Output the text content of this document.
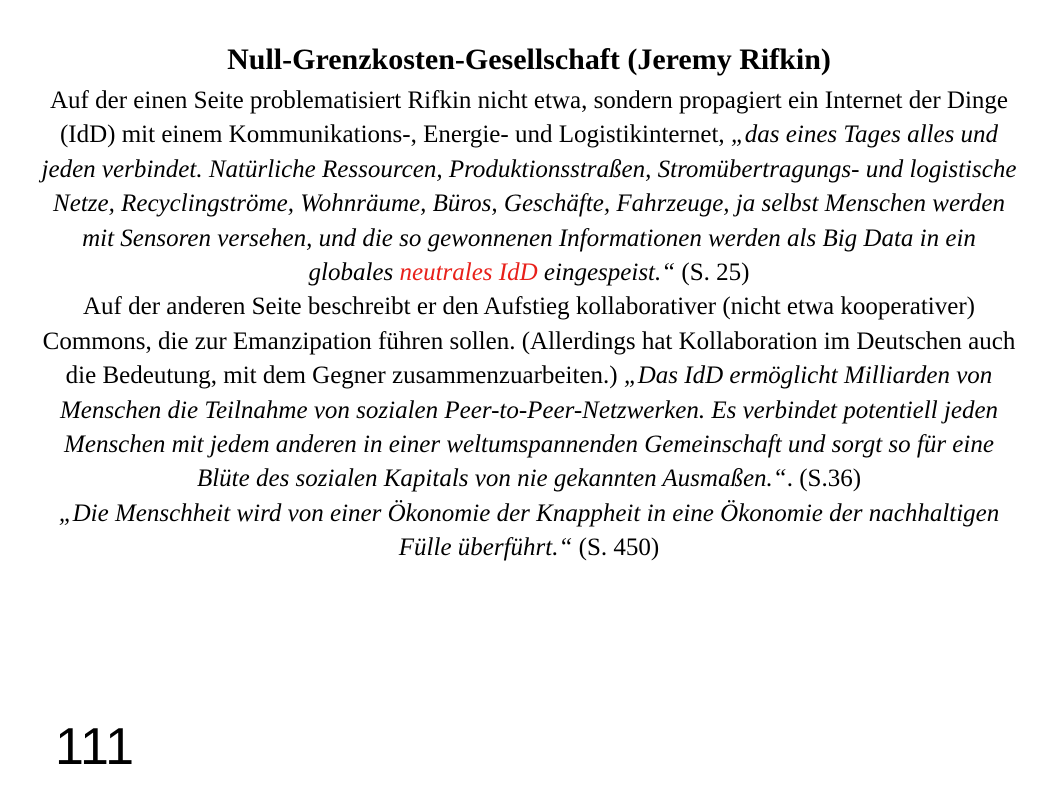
Null-Grenzkosten-Gesellschaft (Jeremy Rifkin)

Auf der einen Seite problematisiert Rifkin nicht etwa, sondern propagiert ein Internet der Dinge (IdD) mit einem Kommunikations-, Energie- und Logistikinternet, „das eines Tages alles und jeden verbindet. Natürliche Ressourcen, Produktionsstraßen, Stromübertragungs- und logistische Netze, Recyclingströme, Wohnräume, Büros, Geschäfte, Fahrzeuge, ja selbst Menschen werden mit Sensoren versehen, und die so gewonnenen Informationen werden als Big Data in ein globales neutrales IdD eingespeist.“ (S. 25)

Auf der anderen Seite beschreibt er den Aufstieg kollaborativer (nicht etwa kooperativer) Commons, die zur Emanzipation führen sollen. (Allerdings hat Kollaboration im Deutschen auch die Bedeutung, mit dem Gegner zusammenzuarbeiten.) „Das IdD ermöglicht Milliarden von Menschen die Teilnahme von sozialen Peer-to-Peer-Netzwerken. Es verbindet potentiell jeden Menschen mit jedem anderen in einer weltumspannenden Gemeinschaft und sorgt so für eine Blüte des sozialen Kapitals von nie gekannten Ausmaßen.“. (S.36)

„Die Menschheit wird von einer Ökonomie der Knappheit in eine Ökonomie der nachhaltigen Fülle überführt.“ (S. 450)

111
